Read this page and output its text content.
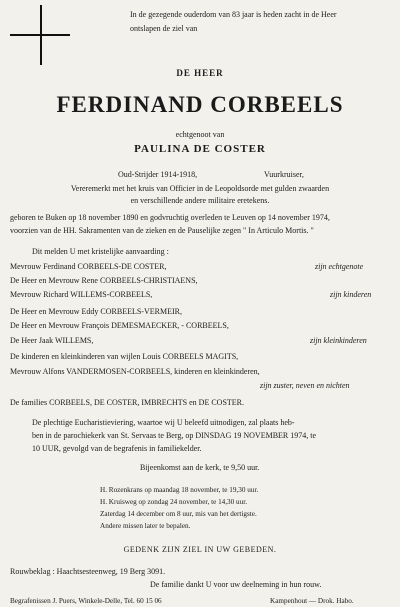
In de gezegende ouderdom van 83 jaar is heden zacht in de Heer
ontslapen de ziel van
DE HEER
FERDINAND CORBEELS
echtgenoot van
PAULINA DE COSTER
Oud-Strijder 1914-1918,	Vuurkruiser,
Vereremerkt met het kruis van Officier in de Leopoldsorde met gulden zwaarden
en verschillende andere militaire eretekens.
geboren te Buken op 18 november 1890 en godvruchtig overleden te Leuven op 14 november 1974,
voorzien van de HH. Sakramenten van de zieken en de Pauselijke zegen " In Articulo Mortis. "
Dit melden U met kristelijke aanvaarding :
Mevrouw Ferdinand CORBEELS-DE COSTER,	zijn echtgenote
De Heer en Mevrouw Rene CORBEELS-CHRISTIAENS,
Mevrouw Richard WILLEMS-CORBEELS,	zijn kinderen
De Heer en Mevrouw Eddy CORBEELS-VERMEIR,
De Heer en Mevrouw François DEMESMAECKER, - CORBEELS,
De Heer Jaak WILLEMS,	zijn kleinkinderen
De kinderen en kleinkinderen van wijlen Louis CORBEELS MAGITS,
Mevrouw Alfons VANDERMOSEN-CORBEELS, kinderen en kleinkinderen,
zijn zuster, neven en nichten
De families CORBEELS, DE COSTER, IMBRECHTS en DE COSTER.
De plechtige Eucharistieviering, waartoe wij U beleefd uitnodigen, zal plaats heb-
ben in de parochiekerk van St. Servaas te Berg, op DINSDAG 19 NOVEMBER 1974, te
10 UUR, gevolgd van de begrafenis in familiekelder.
Bijeenkomst aan de kerk, te 9,50 uur.
H. Rozenkrans op maandag 18 november, te 19,30 uur.
H. Kruisweg op zondag 24 november, te 14,30 uur.
Zaterdag 14 december om 8 uur, mis van het dertigste.
Andere missen later te bepalen.
GEDENK ZIJN ZIEL IN UW GEBEDEN.
Rouwbeklag : Haachtsesteenweg, 19 Berg 3091.
De familie dankt U voor uw deelneming in hun rouw.
Begrafenissen J. Puers, Winkele-Delle, Tel. 60 15 06	Kampenhout — Drok. Habo.
